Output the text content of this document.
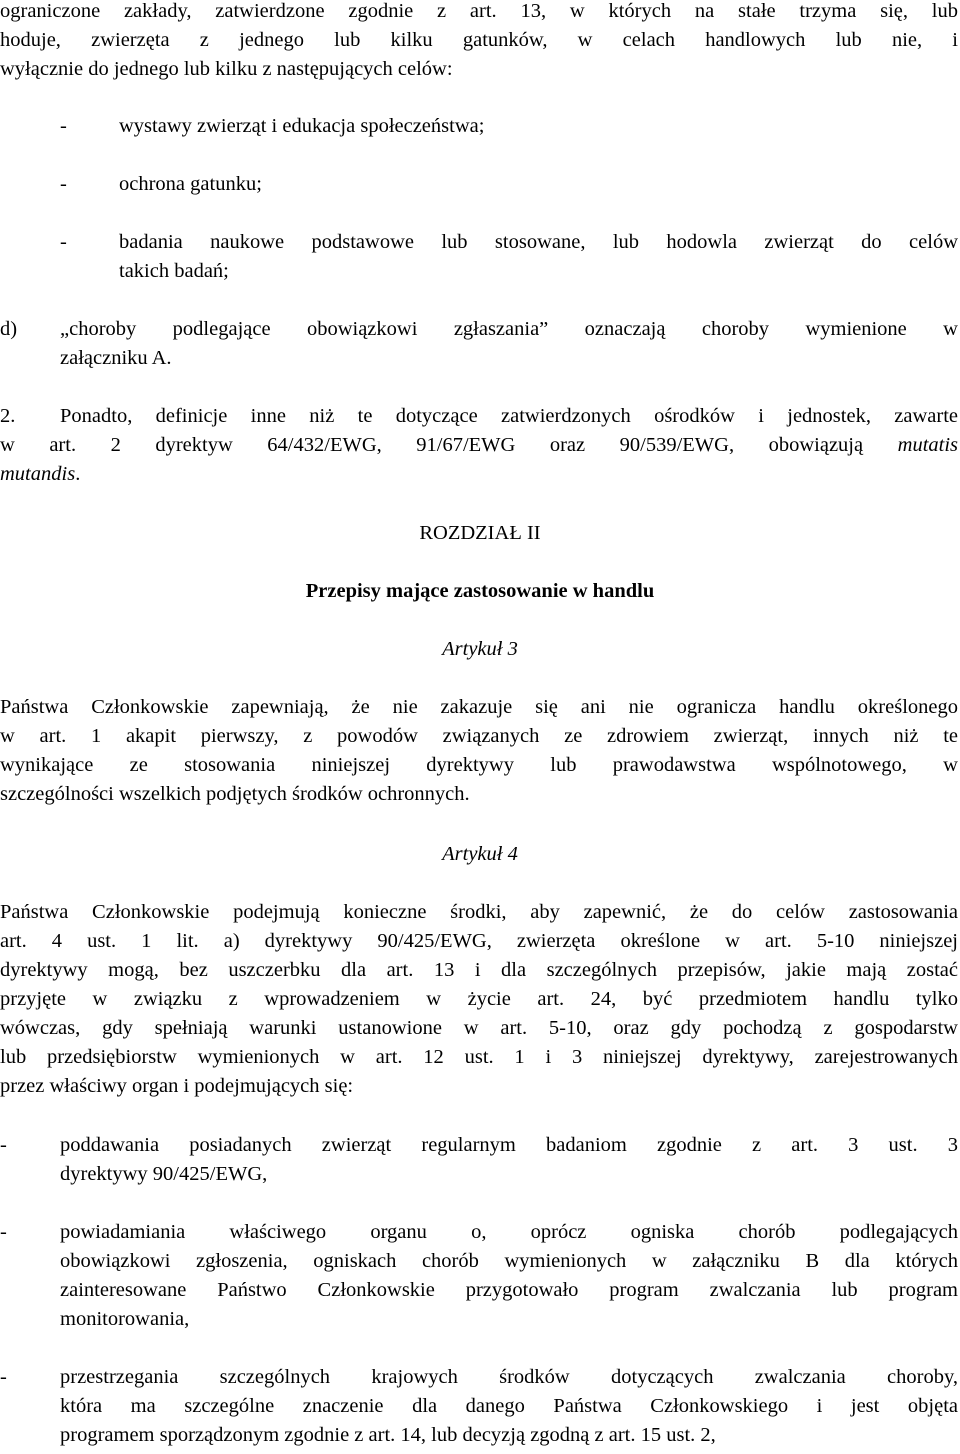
ograniczone zakłady, zatwierdzone zgodnie z art. 13, w których na stałe trzyma się, lub
hoduje, zwierzęta z jednego lub kilku gatunków, w celach handlowych lub nie, i
wyłącznie do jednego lub kilku z następujących celów:
-	wystawy zwierząt i edukacja społeczeństwa;
-	ochrona gatunku;
-	badania naukowe podstawowe lub stosowane, lub hodowla zwierząt do celów
takich badań;
d) „choroby podlegające obowiązkowi zgłaszania” oznaczają choroby wymienione w
załączniku A.
2. Ponadto, definicje inne niż te dotyczące zatwierdzonych ośrodków i jednostek, zawarte
w art. 2 dyrektyw 64/432/EWG, 91/67/EWG oraz 90/539/EWG, obowiązują mutatis
mutandis.
ROZDZIAŁ II
Przepisy mające zastosowanie w handlu
Artykuł 3
Państwa Członkowskie zapewniają, że nie zakazuje się ani nie ogranicza handlu określonego
w art. 1 akapit pierwszy, z powodów związanych ze zdrowiem zwierząt, innych niż te
wynikające ze stosowania niniejszej dyrektywy lub prawodawstwa wspólnotowego, w
szczególności wszelkich podjętych środków ochronnych.
Artykuł 4
Państwa Członkowskie podejmują konieczne środki, aby zapewnić, że do celów zastosowania
art. 4 ust. 1 lit. a) dyrektywy 90/425/EWG, zwierzęta określone w art. 5-10 niniejszej
dyrektywy mogą, bez uszczerbku dla art. 13 i dla szczególnych przepisów, jakie mają zostać
przyjęte w związku z wprowadzeniem w życie art. 24, być przedmiotem handlu tylko
wówczas, gdy spełniają warunki ustanowione w art. 5-10, oraz gdy pochodzą z gospodarstw
lub przedsiębiorstw wymienionych w art. 12 ust. 1 i 3 niniejszej dyrektywy, zarejestrowanych
przez właściwy organ i podejmujących się:
-	poddawania posiadanych zwierząt regularnym badaniom zgodnie z art. 3 ust. 3
dyrektywy 90/425/EWG,
-	powiadamiania właściwego organu o, oprócz ogniska chorób podlegających
obowiązkowi zgłoszenia, ogniskach chorób wymienionych w załączniku B dla których
zainteresowane Państwo Członkowskie przygotowało program zwalczania lub program
monitorowania,
-	przestrzegania szczególnych krajowych środków dotyczących zwalczania choroby,
która ma szczególne znaczenie dla danego Państwa Członkowskiego i jest objęta
programem sporządzonym zgodnie z art. 14, lub decyzją zgodną z art. 15 ust. 2,
